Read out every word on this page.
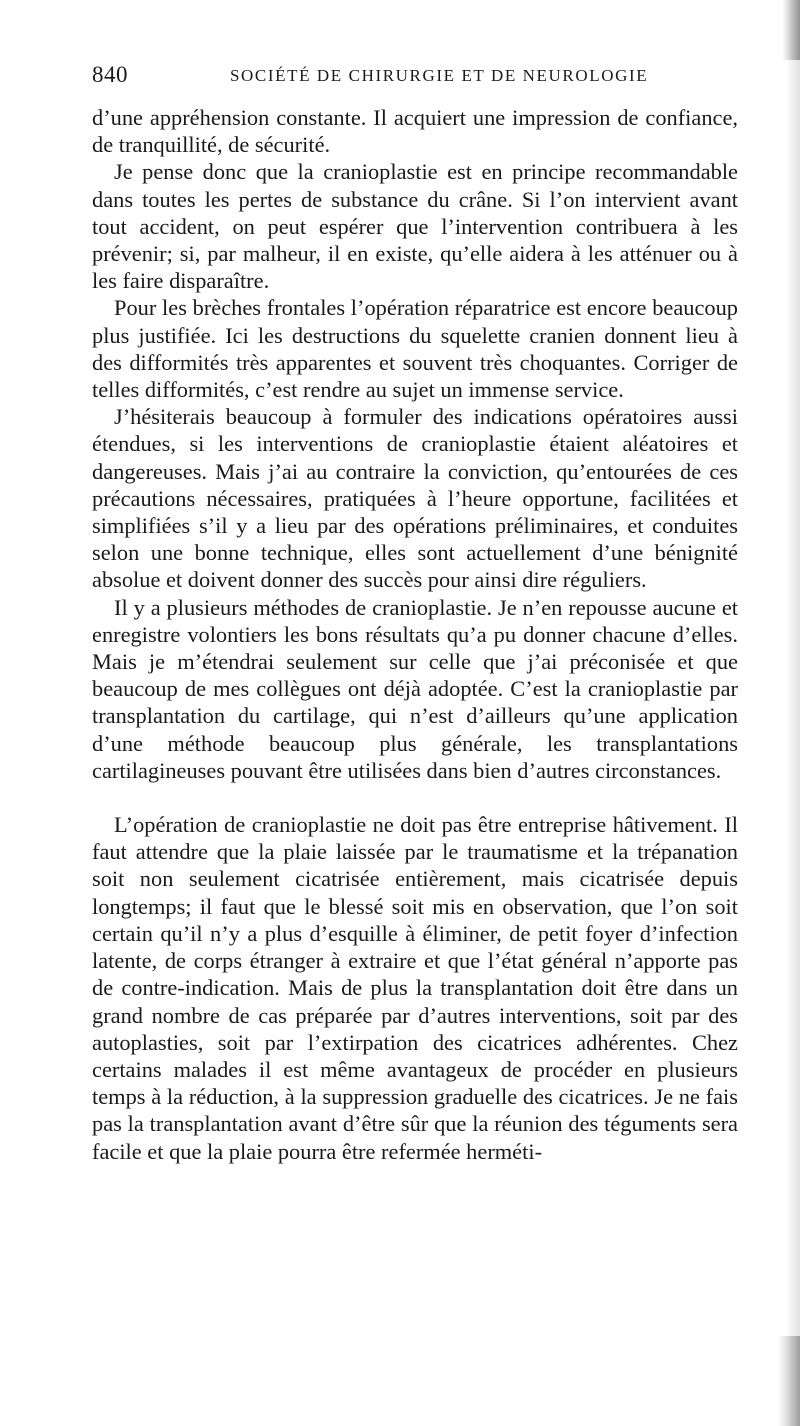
840	SOCIÉTÉ DE CHIRURGIE ET DE NEUROLOGIE

d’une appréhension constante. Il acquiert une impression de confiance, de tranquillité, de sécurité.

Je pense donc que la cranioplastie est en principe recommandable dans toutes les pertes de substance du crâne. Si l’on intervient avant tout accident, on peut espérer que l’intervention contribuera à les prévenir; si, par malheur, il en existe, qu’elle aidera à les atténuer ou à les faire disparaître.

Pour les brèches frontales l’opération réparatrice est encore beaucoup plus justifiée. Ici les destructions du squelette cranien donnent lieu à des difformités très apparentes et souvent très choquantes. Corriger de telles difformités, c’est rendre au sujet un immense service.

J’hésiterais beaucoup à formuler des indications opératoires aussi étendues, si les interventions de cranioplastie étaient aléatoires et dangereuses. Mais j’ai au contraire la conviction, qu’entourées de ces précautions nécessaires, pratiquées à l’heure opportune, facilitées et simplifiées s’il y a lieu par des opérations préliminaires, et conduites selon une bonne technique, elles sont actuellement d’une bénignité absolue et doivent donner des succès pour ainsi dire réguliers.

Il y a plusieurs méthodes de cranioplastie. Je n’en repousse aucune et enregistre volontiers les bons résultats qu’a pu donner chacune d’elles. Mais je m’étendrai seulement sur celle que j’ai préconisée et que beaucoup de mes collègues ont déjà adoptée. C’est la cranioplastie par transplantation du cartilage, qui n’est d’ailleurs qu’une application d’une méthode beaucoup plus générale, les transplantations cartilagineuses pouvant être utilisées dans bien d’autres circonstances.

L’opération de cranioplastie ne doit pas être entreprise hâtivement. Il faut attendre que la plaie laissée par le traumatisme et la trépanation soit non seulement cicatrisée entièrement, mais cicatrisée depuis longtemps; il faut que le blessé soit mis en observation, que l’on soit certain qu’il n’y a plus d’esquille à éliminer, de petit foyer d’infection latente, de corps étranger à extraire et que l’état général n’apporte pas de contre-indication. Mais de plus la transplantation doit être dans un grand nombre de cas préparée par d’autres interventions, soit par des autoplasties, soit par l’extirpation des cicatrices adhérentes. Chez certains malades il est même avantageux de procéder en plusieurs temps à la réduction, à la suppression graduelle des cicatrices. Je ne fais pas la transplantation avant d’être sûr que la réunion des téguments sera facile et que la plaie pourra être refermée herméti-
